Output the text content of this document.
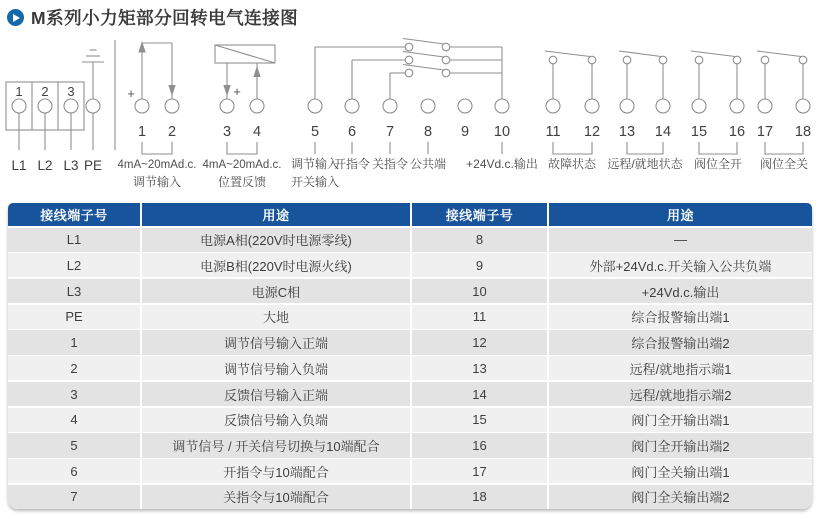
M系列小力矩部分回转电气连接图
1 2 3
L1 L2 L3 PE
+
1 2
4mA~20mAd.c.
调节输入
+
3 4
4mA~20mAd.c.
位置反馈
5 6 7 8 9 10
调节输入
开关输入
开指令 关指令 公共端 +24Vd.c.输出
11 12
故障状态
13 14
远程/就地状态
15 16
阀位全开
17 18
阀位全关
接线端子号	用途	接线端子号	用途
L1	电源A相(220V时电源零线)	8	—
L2	电源B相(220V时电源火线)	9	外部+24Vd.c.开关输入公共负端
L3	电源C相	10	+24Vd.c.输出
PE	大地	11	综合报警输出端1
1	调节信号输入正端	12	综合报警输出端2
2	调节信号输入负端	13	远程/就地指示端1
3	反馈信号输入正端	14	远程/就地指示端2
4	反馈信号输入负端	15	阀门全开输出端1
5	调节信号 / 开关信号切换与10端配合	16	阀门全开输出端2
6	开指令与10端配合	17	阀门全关输出端1
7	关指令与10端配合	18	阀门全关输出端2
